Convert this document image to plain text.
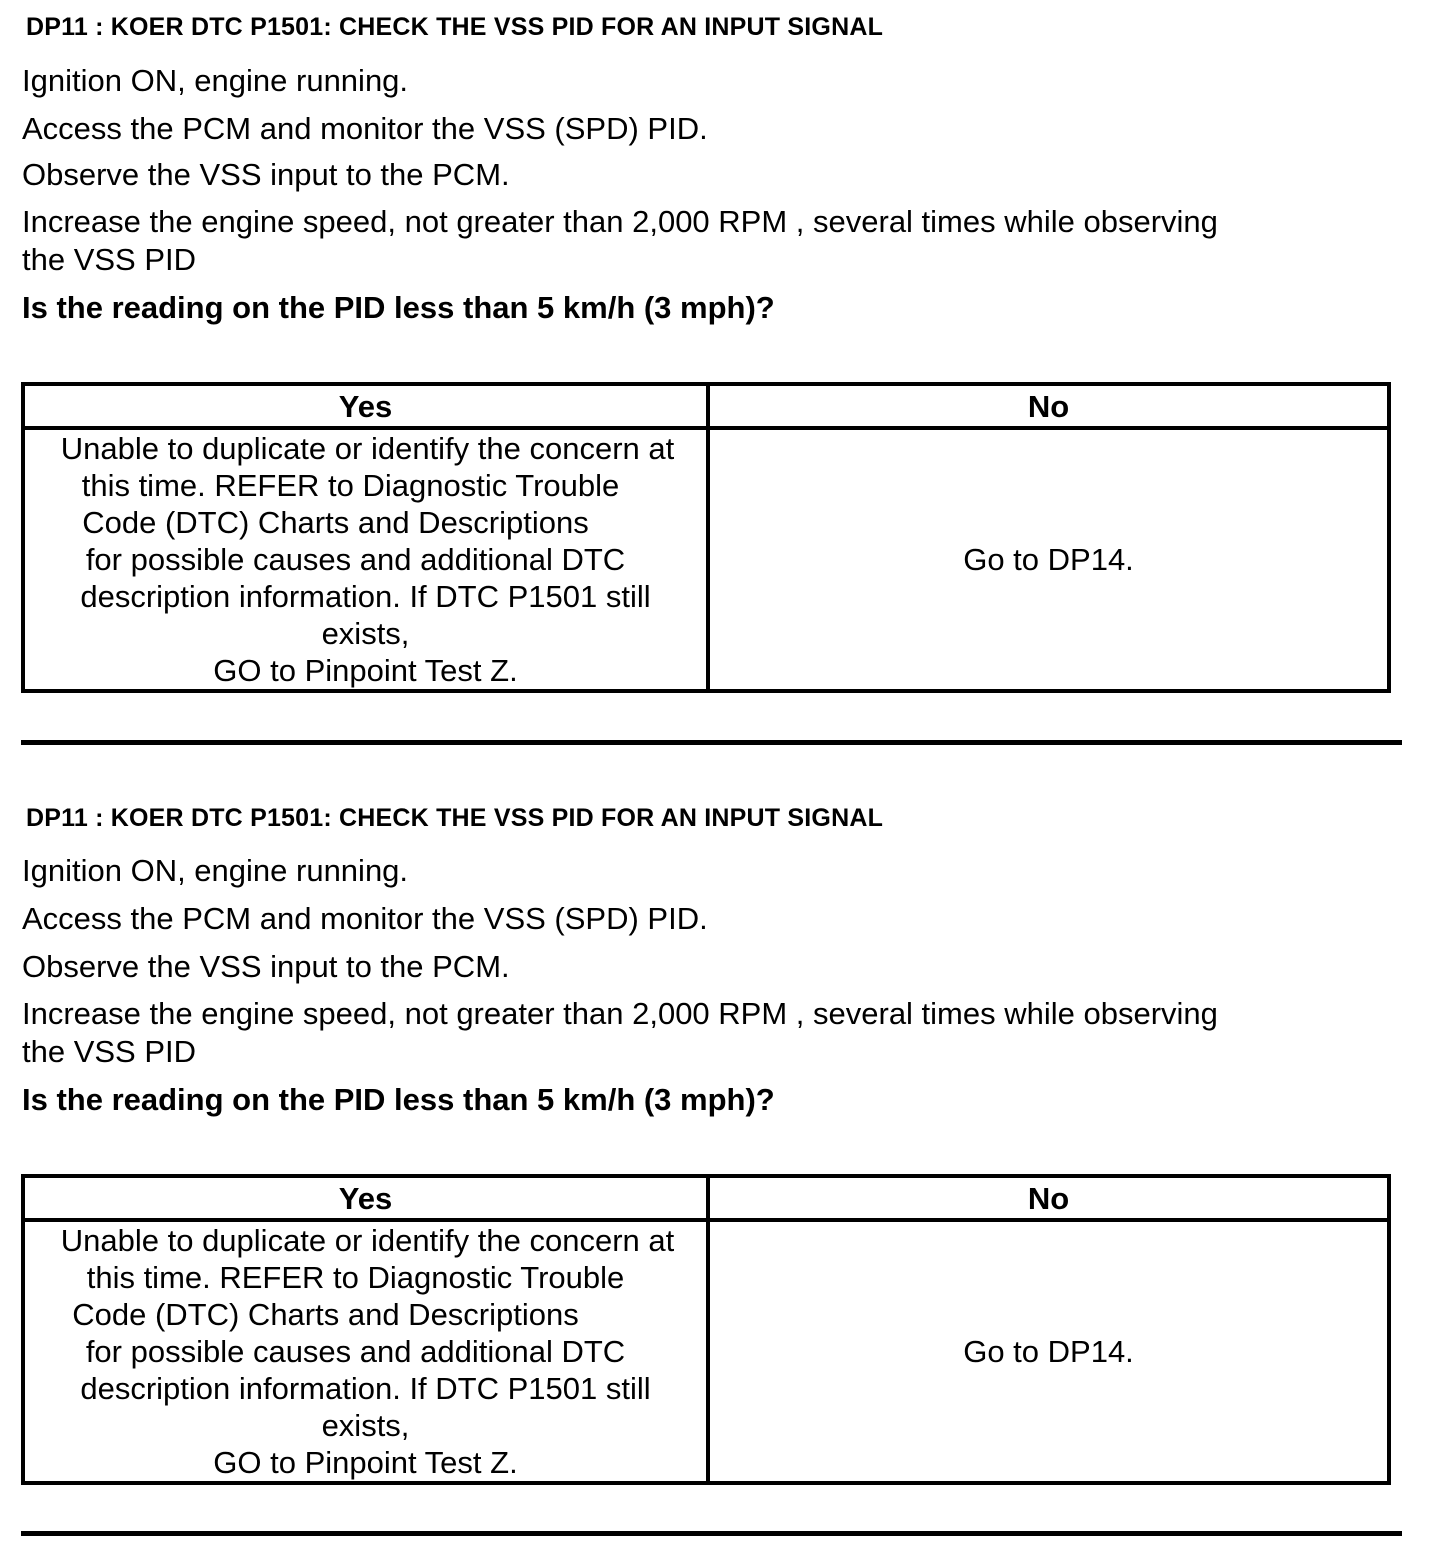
DP11 : KOER DTC P1501: CHECK THE VSS PID FOR AN INPUT SIGNAL
Ignition ON, engine running.
Access the PCM and monitor the VSS (SPD) PID.
Observe the VSS input to the PCM.
Increase the engine speed, not greater than 2,000 RPM , several times while observing
the VSS PID
Is the reading on the PID less than 5 km/h (3 mph)?
Yes	No
Unable to duplicate or identify the concern at
this time. REFER to Diagnostic Trouble
Code (DTC) Charts and Descriptions
for possible causes and additional DTC
description information. If DTC P1501 still
exists,
GO to Pinpoint Test Z.
Go to DP14.
DP11 : KOER DTC P1501: CHECK THE VSS PID FOR AN INPUT SIGNAL
Ignition ON, engine running.
Access the PCM and monitor the VSS (SPD) PID.
Observe the VSS input to the PCM.
Increase the engine speed, not greater than 2,000 RPM , several times while observing
the VSS PID
Is the reading on the PID less than 5 km/h (3 mph)?
Yes	No
Unable to duplicate or identify the concern at
this time. REFER to Diagnostic Trouble
Code (DTC) Charts and Descriptions
for possible causes and additional DTC
description information. If DTC P1501 still
exists,
GO to Pinpoint Test Z.
Go to DP14.
